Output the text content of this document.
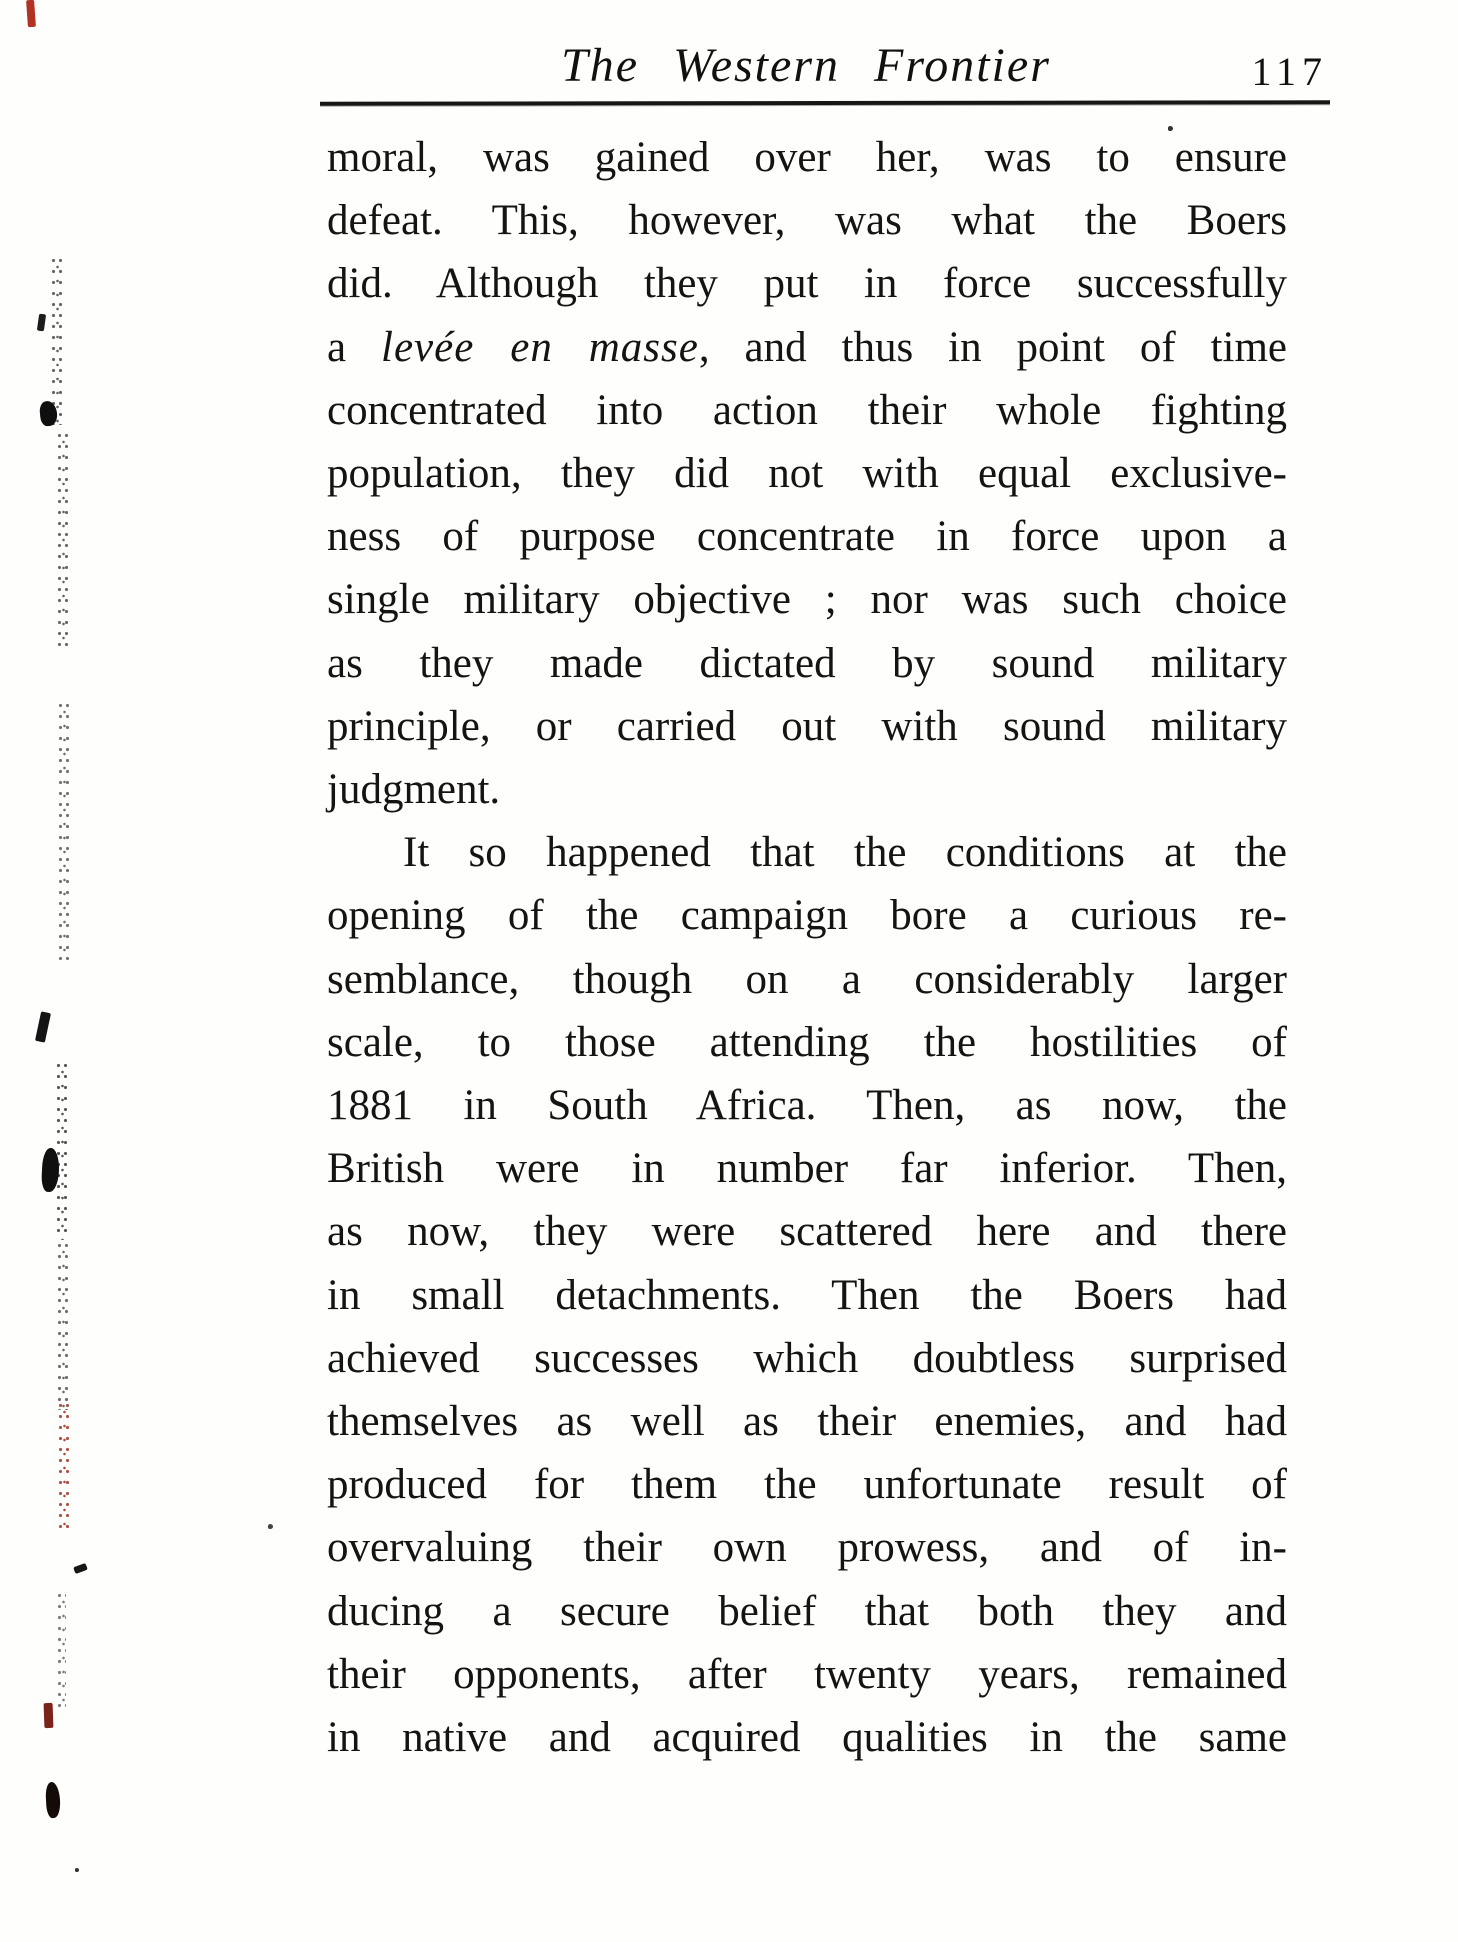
The Western Frontier	117
moral, was gained over her, was to ensure
defeat. This, however, was what the Boers
did. Although they put in force successfully
a levée en masse, and thus in point of time
concentrated into action their whole fighting
population, they did not with equal exclusive-
ness of purpose concentrate in force upon a
single military objective ; nor was such choice
as they made dictated by sound military
principle, or carried out with sound military
judgment.
It so happened that the conditions at the
opening of the campaign bore a curious re-
semblance, though on a considerably larger
scale, to those attending the hostilities of
1881 in South Africa. Then, as now, the
British were in number far inferior. Then,
as now, they were scattered here and there
in small detachments. Then the Boers had
achieved successes which doubtless surprised
themselves as well as their enemies, and had
produced for them the unfortunate result of
overvaluing their own prowess, and of in-
ducing a secure belief that both they and
their opponents, after twenty years, remained
in native and acquired qualities in the same
